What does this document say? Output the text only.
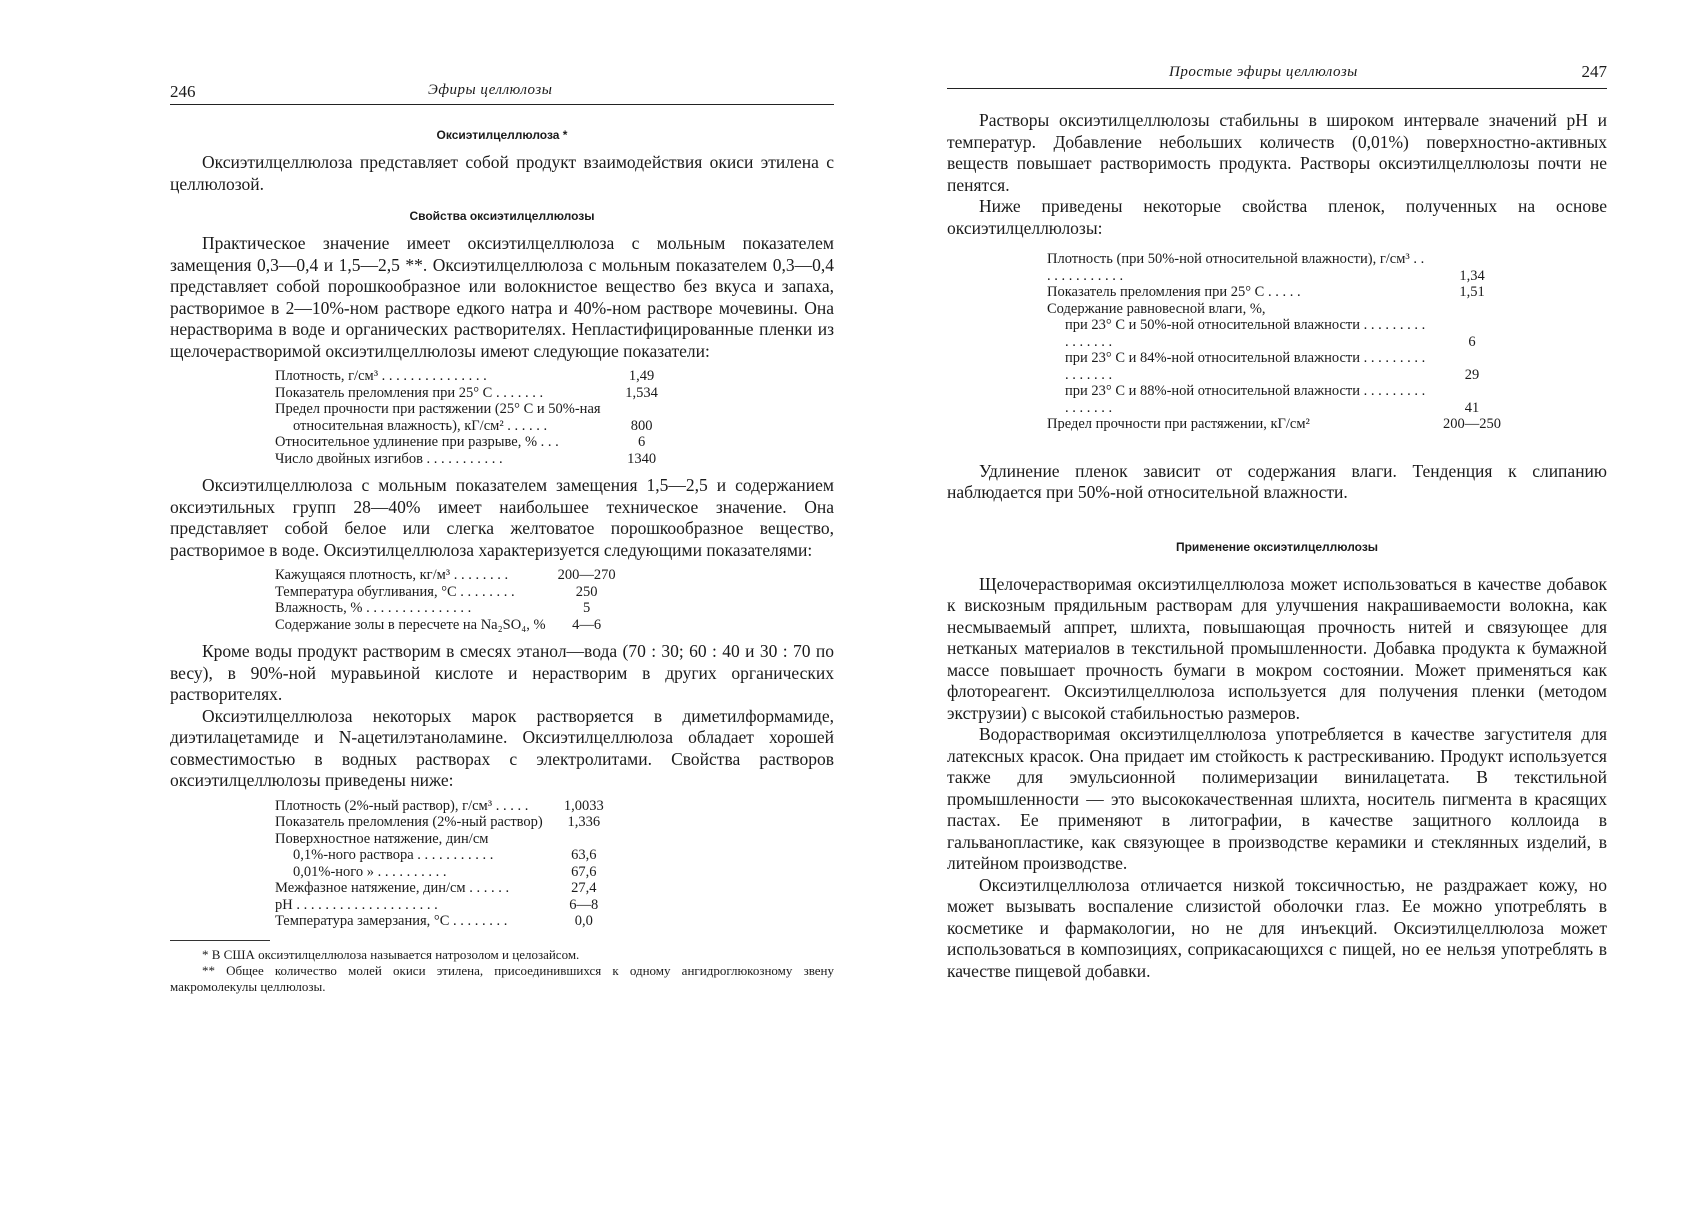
246	Эфиры целлюлозы
Оксиэтилцеллюлоза *

Оксиэтилцеллюлоза представляет собой продукт взаимодействия окиси этилена с целлюлозой.

Свойства оксиэтилцеллюлозы

Практическое значение имеет оксиэтилцеллюлоза с мольным показателем замещения 0,3—0,4 и 1,5—2,5 **. Оксиэтилцеллюлоза с мольным показателем 0,3—0,4 представляет собой порошкообразное или волокнистое вещество без вкуса и запаха, растворимое в 2—10%-ном растворе едкого натра и 40%-ном растворе мочевины. Она нерастворима в воде и органических растворителях. Непластифицированные пленки из щелочерастворимой оксиэтилцеллюлозы имеют следующие показатели:

Плотность, г/см³ . . . . . . . . . . . . . . .	1,49
Показатель преломления при 25° С . . . . . . .	1,534
Предел прочности при растяжении (25° С и 50%-ная	
относительная влажность), кГ/см² . . . . . .	800
Относительное удлинение при разрыве, % . . .	6
Число двойных изгибов . . . . . . . . . . .	1340

Оксиэтилцеллюлоза с мольным показателем замещения 1,5—2,5 и содержанием оксиэтильных групп 28—40% имеет наибольшее техническое значение. Она представляет собой белое или слегка желтоватое порошкообразное вещество, растворимое в воде. Оксиэтилцеллюлоза характеризуется следующими показателями:

Кажущаяся плотность, кг/м³ . . . . . . . .	200—270
Температура обугливания, °С . . . . . . . .	250
Влажность, % . . . . . . . . . . . . . . .	5
Содержание золы в пересчете на Na₂SO₄, %	4—6

Кроме воды продукт растворим в смесях этанол—вода (70 : 30; 60 : 40 и 30 : 70 по весу), в 90%-ной муравьиной кислоте и нерастворим в других органических растворителях.

Оксиэтилцеллюлоза некоторых марок растворяется в диметилформамиде, диэтилацетамиде и N-ацетилэтаноламине. Оксиэтилцеллюлоза обладает хорошей совместимостью в водных растворах с электролитами. Свойства растворов оксиэтилцеллюлозы приведены ниже:

Плотность (2%-ный раствор), г/см³ . . . . .	1,0033
Показатель преломления (2%-ный раствор)	1,336
Поверхностное натяжение, дин/см	
0,1%-ного раствора . . . . . . . . . . .	63,6
0,01%-ного » . . . . . . . . . .	67,6
Межфазное натяжение, дин/см . . . . . .	27,4
pH . . . . . . . . . . . . . . . . . . . .	6—8
Температура замерзания, °С . . . . . . . .	0,0

* В США оксиэтилцеллюлоза называется натрозолом и целозайсом.

** Общее количество молей окиси этилена, присоединившихся к одному ангидроглюкозному звену макромолекулы целлюлозы.

Простые эфиры целлюлозы	247

Растворы оксиэтилцеллюлозы стабильны в широком интервале значений pH и температур. Добавление небольших количеств (0,01%) поверхностно-активных веществ повышает растворимость продукта. Растворы оксиэтилцеллюлозы почти не пенятся.

Ниже приведены некоторые свойства пленок, полученных на основе оксиэтилцеллюлозы:

Плотность (при 50%-ной относительной влажности), г/см³ . . . . . . . . . . . . .	1,34
Показатель преломления при 25° С . . . . .	1,51
Содержание равновесной влаги, %,	
при 23° С и 50%-ной относительной влажности . . . . . . . . . . . . . . . .	6
при 23° С и 84%-ной относительной влажности . . . . . . . . . . . . . . . .	29
при 23° С и 88%-ной относительной влажности . . . . . . . . . . . . . . . .	41
Предел прочности при растяжении, кГ/см²	200—250

Удлинение пленок зависит от содержания влаги. Тенденция к слипанию наблюдается при 50%-ной относительной влажности.

Применение оксиэтилцеллюлозы

Щелочерастворимая оксиэтилцеллюлоза может использоваться в качестве добавок к вискозным прядильным растворам для улучшения накрашиваемости волокна, как несмываемый аппрет, шлихта, повышающая прочность нитей и связующее для нетканых материалов в текстильной промышленности. Добавка продукта к бумажной массе повышает прочность бумаги в мокром состоянии. Может применяться как флотореагент. Оксиэтилцеллюлоза используется для получения пленки (методом экструзии) с высокой стабильностью размеров.

Водорастворимая оксиэтилцеллюлоза употребляется в качестве загустителя для латексных красок. Она придает им стойкость к растрескиванию. Продукт используется также для эмульсионной полимеризации винилацетата. В текстильной промышленности — это высококачественная шлихта, носитель пигмента в красящих пастах. Ее применяют в литографии, в качестве защитного коллоида в гальванопластике, как связующее в производстве керамики и стеклянных изделий, в литейном производстве.

Оксиэтилцеллюлоза отличается низкой токсичностью, не раздражает кожу, но может вызывать воспаление слизистой оболочки глаз. Ее можно употреблять в косметике и фармакологии, но не для инъекций. Оксиэтилцеллюлоза может использоваться в композициях, соприкасающихся с пищей, но ее нельзя употреблять в качестве пищевой добавки.
